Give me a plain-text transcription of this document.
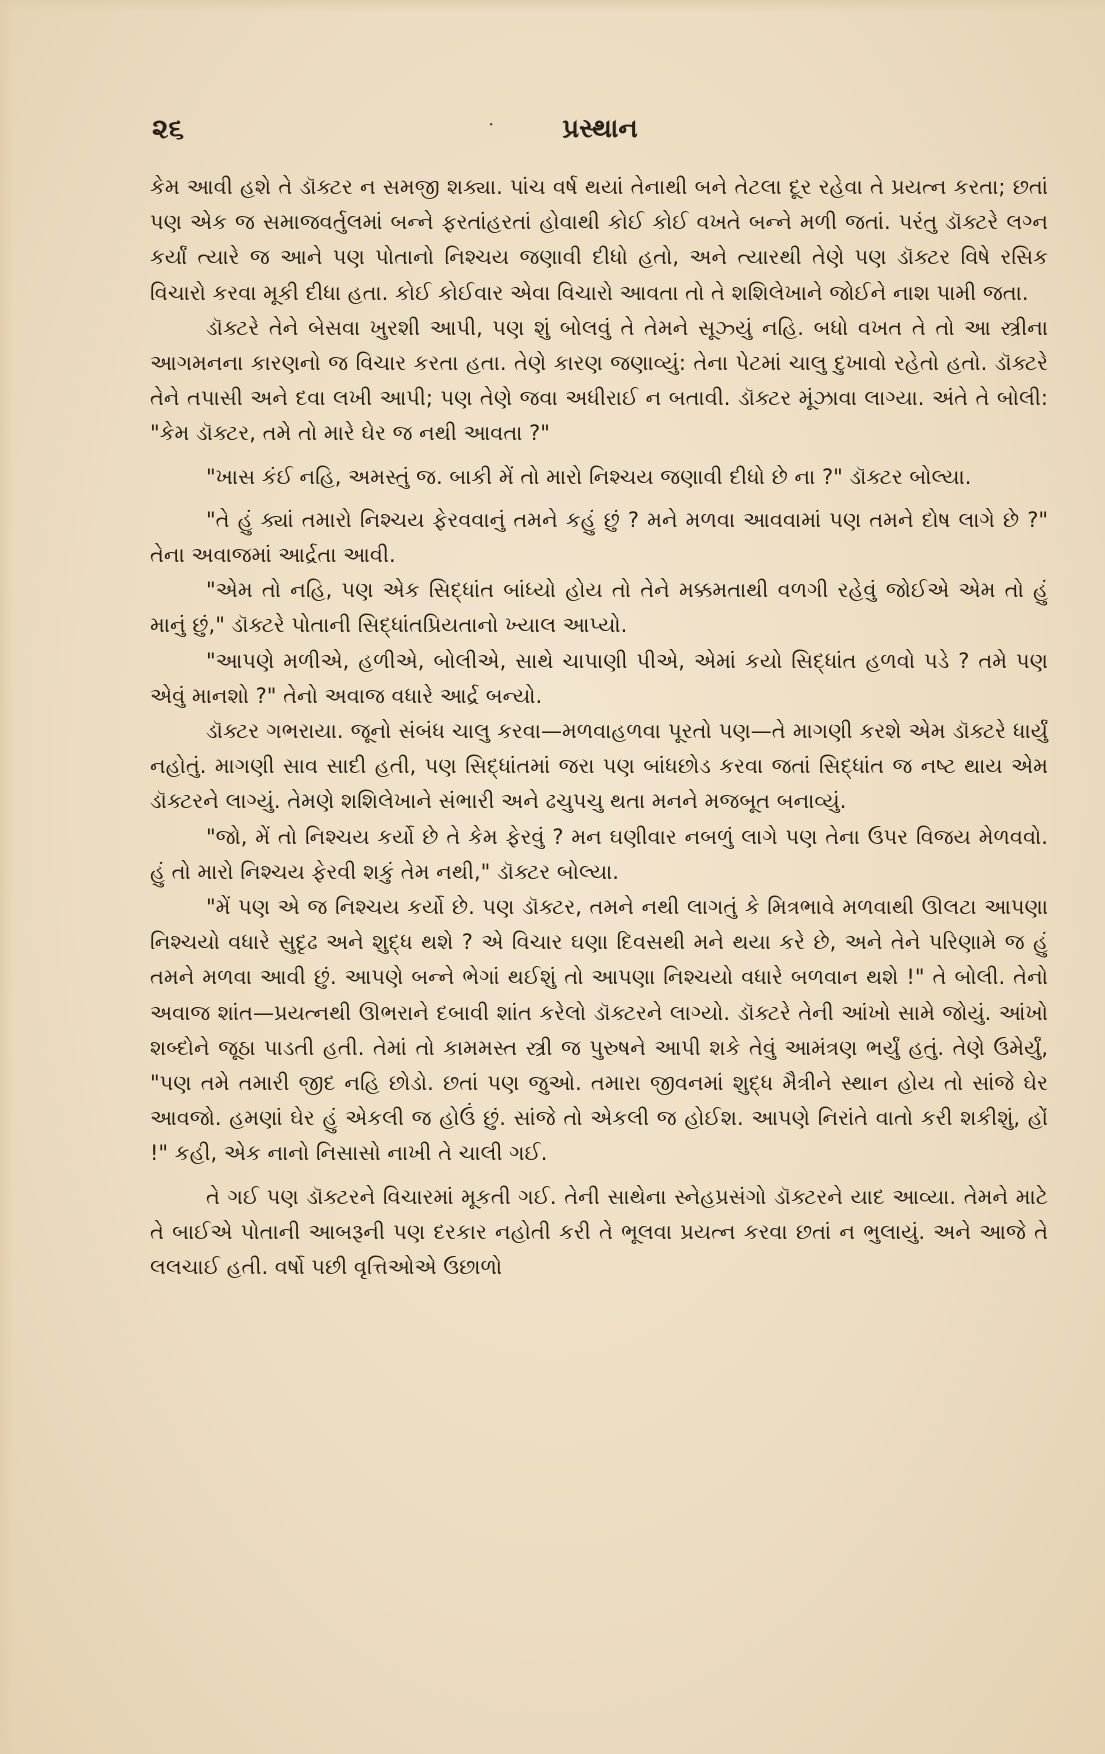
૨૬	·	પ્રસ્થાન

કેમ આવી હશે તે ડૉક્ટર ન સમજી શક્યા. પાંચ વર્ષ થયાં તેનાથી બને તેટલા દૂર રહેવા તે પ્રયત્ન કરતા; છતાં પણ એક જ સમાજવર્તુલમાં બન્ને ફરતાંહરતાં હોવાથી કોઈ કોઈ વખતે બન્ને મળી જતાં. પરંતુ ડૉક્ટરે લગ્ન કર્યાં ત્યારે જ આને પણ પોતાનો નિશ્ચય જણાવી દીધો હતો, અને ત્યારથી તેણે પણ ડૉક્ટર વિષે રસિક વિચારો કરવા મૂકી દીધા હતા. કોઈ કોઈવાર એવા વિચારો આવતા તો તે શશિલેખાને જોઈને નાશ પામી જતા.

ડૉક્ટરે તેને બેસવા ખુરશી આપી, પણ શું બોલવું તે તેમને સૂઝ્યું નહિ. બધો વખત તે તો આ સ્ત્રીના આગમનના કારણનો જ વિચાર કરતા હતા. તેણે કારણ જણાવ્યું: તેના પેટમાં ચાલુ દુખાવો રહેતો હતો. ડૉક્ટરે તેને તપાસી અને દવા લખી આપી; પણ તેણે જવા અધીરાઈ ન બતાવી. ડૉક્ટર મૂંઝાવા લાગ્યા. અંતે તે બોલી: "કેમ ડૉક્ટર, તમે તો મારે ઘેર જ નથી આવતા ?"

"ખાસ કંઈ નહિ, અમસ્તું જ. બાકી મેં તો મારો નિશ્ચય જણાવી દીધો છે ના ?" ડૉક્ટર બોલ્યા.

"તે હું ક્યાં તમારો નિશ્ચય ફેરવવાનું તમને કહું છું ? મને મળવા આવવામાં પણ તમને દોષ લાગે છે ?" તેના અવાજમાં આર્દ્રતા આવી.

"એમ તો નહિ, પણ એક સિદ્ધાંત બાંધ્યો હોય તો તેને મક્કમતાથી વળગી રહેવું જોઈએ એમ તો હું માનું છું," ડૉક્ટરે પોતાની સિદ્ધાંતપ્રિયતાનો ખ્યાલ આપ્યો.

"આપણે મળીએ, હળીએ, બોલીએ, સાથે ચાપાણી પીએ, એમાં કયો સિદ્ધાંત હળવો પડે ? તમે પણ એવું માનશો ?" તેનો અવાજ વધારે આર્દ્ર બન્યો.

ડૉક્ટર ગભરાયા. જૂનો સંબંધ ચાલુ કરવા—મળવાહળવા પૂરતો પણ—તે માગણી કરશે એમ ડૉક્ટરે ધાર્યું નહોતું. માગણી સાવ સાદી હતી, પણ સિદ્ધાંતમાં જરા પણ બાંધછોડ કરવા જતાં સિદ્ધાંત જ નષ્ટ થાય એમ ડૉક્ટરને લાગ્યું. તેમણે શશિલેખાને સંભારી અને ઢચુપચુ થતા મનને મજબૂત બનાવ્યું.

"જો, મેં તો નિશ્ચય કર્યો છે તે કેમ ફેરવું ? મન ઘણીવાર નબળું લાગે પણ તેના ઉપર વિજય મેળવવો. હું તો મારો નિશ્ચય ફેરવી શકું તેમ નથી," ડૉક્ટર બોલ્યા.

"મેં પણ એ જ નિશ્ચય કર્યો છે. પણ ડૉક્ટર, તમને નથી લાગતું કે મિત્રભાવે મળવાથી ઊલટા આપણા નિશ્ચયો વધારે સુદૃઢ અને શુદ્ધ થશે ? એ વિચાર ઘણા દિવસથી મને થયા કરે છે, અને તેને પરિણામે જ હું તમને મળવા આવી છું. આપણે બન્ને ભેગાં થઈશું તો આપણા નિશ્ચયો વધારે બળવાન થશે !" તે બોલી. તેનો અવાજ શાંત—પ્રયત્નથી ઊભરાને દબાવી શાંત કરેલો ડૉક્ટરને લાગ્યો. ડૉક્ટરે તેની આંખો સામે જોયું. આંખો શબ્દોને જૂઠા પાડતી હતી. તેમાં તો કામમસ્ત સ્ત્રી જ પુરુષને આપી શકે તેવું આમંત્રણ ભર્યું હતું. તેણે ઉમેર્યું, "પણ તમે તમારી જીદ નહિ છોડો. છતાં પણ જુઓ. તમારા જીવનમાં શુદ્ધ મૈત્રીને સ્થાન હોય તો સાંજે ઘેર આવજો. હમણાં ઘેર હું એકલી જ હોઉં છું. સાંજે તો એકલી જ હોઈશ. આપણે નિરાંતે વાતો કરી શકીશું, હોં !" કહી, એક નાનો નિસાસો નાખી તે ચાલી ગઈ.

તે ગઈ પણ ડૉક્ટરને વિચારમાં મૂકતી ગઈ. તેની સાથેના સ્નેહપ્રસંગો ડૉક્ટરને યાદ આવ્યા. તેમને માટે તે બાઈએ પોતાની આબરૂની પણ દરકાર નહોતી કરી તે ભૂલવા પ્રયત્ન કરવા છતાં ન ભુલાયું. અને આજે તે લલચાઈ હતી. વર્ષો પછી વૃત્તિઓએ ઉછાળો
